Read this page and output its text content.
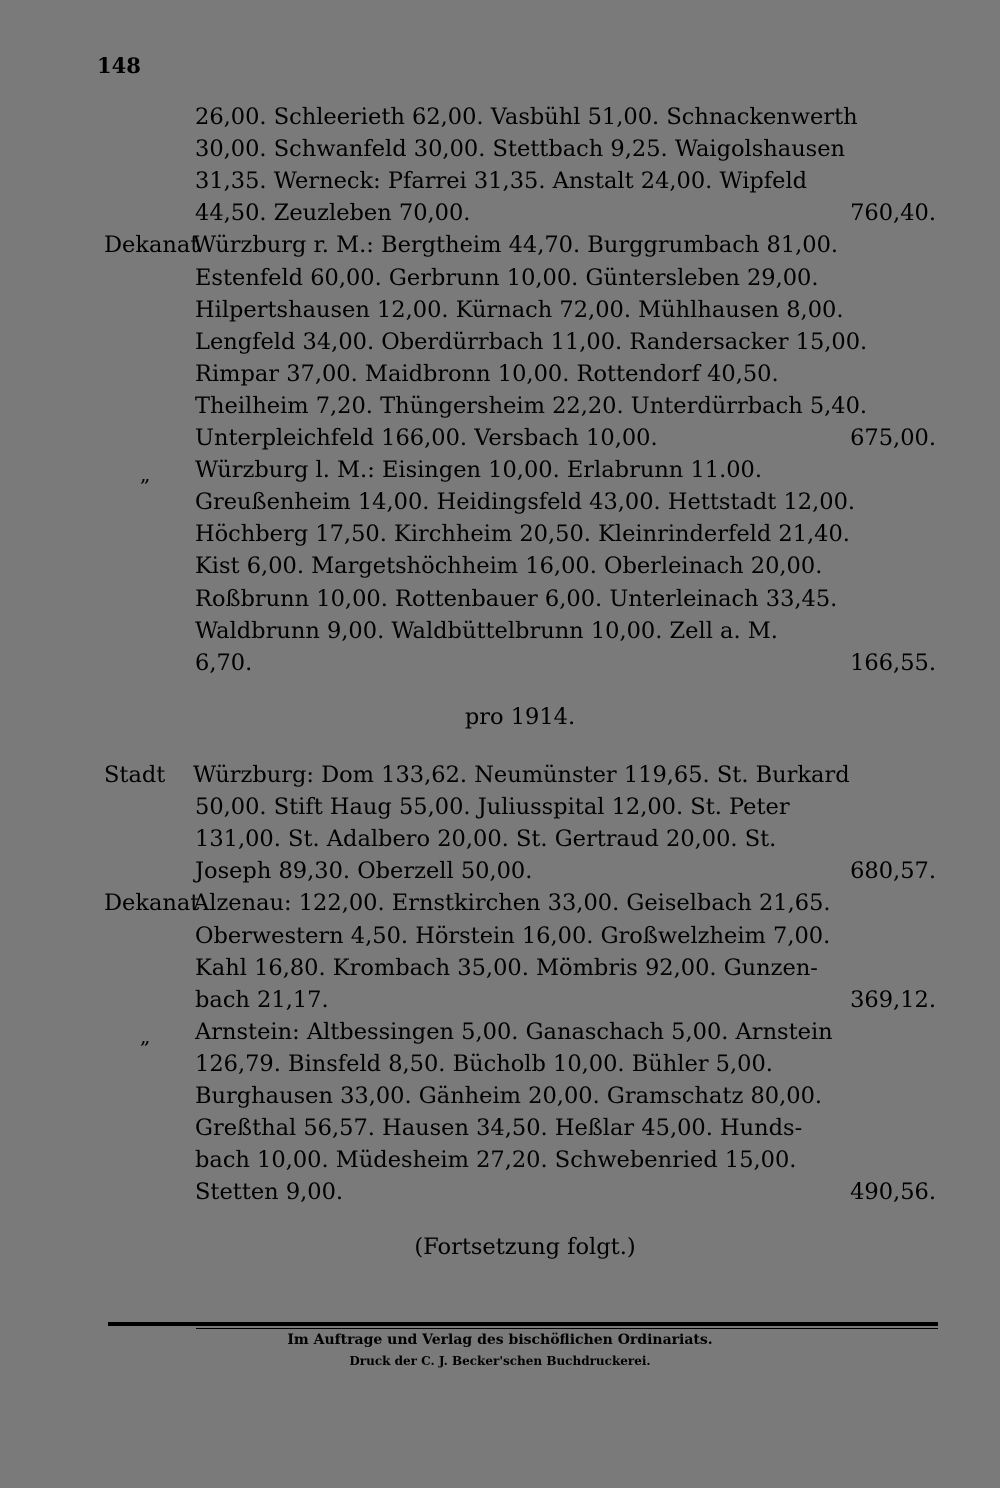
148
26,00. Schleerieth 62,00. Vasbühl 51,00. Schnackenwerth
30,00. Schwanfeld 30,00. Stettbach 9,25. Waigolshausen
31,35. Werneck: Pfarrei 31,35. Anstalt 24,00. Wipfeld
44,50. Zeuzleben 70,00.	760,40.
Dekanat
Würzburg r. M.: Bergtheim 44,70. Burggrumbach 81,00.
Estenfeld 60,00. Gerbrunn 10,00. Güntersleben 29,00.
Hilpertshausen 12,00. Kürnach 72,00. Mühlhausen 8,00.
Lengfeld 34,00. Oberdürrbach 11,00. Randersacker 15,00.
Rimpar 37,00. Maidbronn 10,00. Rottendorf 40,50.
Theilheim 7,20. Thüngersheim 22,20. Unterdürrbach 5,40.
Unterpleichfeld 166,00. Versbach 10,00.	675,00.
„ Würzburg l. M.: Eisingen 10,00. Erlabrunn 11.00.
Greußenheim 14,00. Heidingsfeld 43,00. Hettstadt 12,00.
Höchberg 17,50. Kirchheim 20,50. Kleinrinderfeld 21,40.
Kist 6,00. Margetshöchheim 16,00. Oberleinach 20,00.
Roßbrunn 10,00. Rottenbauer 6,00. Unterleinach 33,45.
Waldbrunn 9,00. Waldbüttelbrunn 10,00. Zell a. M.
6,70.	166,55.
pro 1914.
Stadt Würzburg: Dom 133,62. Neumünster 119,65. St. Burkard
50,00. Stift Haug 55,00. Juliusspital 12,00. St. Peter
131,00. St. Adalbero 20,00. St. Gertraud 20,00. St.
Joseph 89,30. Oberzell 50,00.	680,57.
Dekanat
Alzenau: 122,00. Ernstkirchen 33,00. Geiselbach 21,65.
Oberwestern 4,50. Hörstein 16,00. Großwelzheim 7,00.
Kahl 16,80. Krombach 35,00. Mömbris 92,00. Gunzen-
bach 21,17.	369,12.
„ Arnstein: Altbessingen 5,00. Ganaschach 5,00. Arnstein
126,79. Binsfeld 8,50. Bücholb 10,00. Bühler 5,00.
Burghausen 33,00. Gänheim 20,00. Gramschatz 80,00.
Greßthal 56,57. Hausen 34,50. Heßlar 45,00. Hunds-
bach 10,00. Müdesheim 27,20. Schwebenried 15,00.
Stetten 9,00.	490,56.
(Fortsetzung folgt.)
Im Auftrage und Verlag des bischöflichen Ordinariats.
Druck der C. J. Becker'schen Buchdruckerei.
